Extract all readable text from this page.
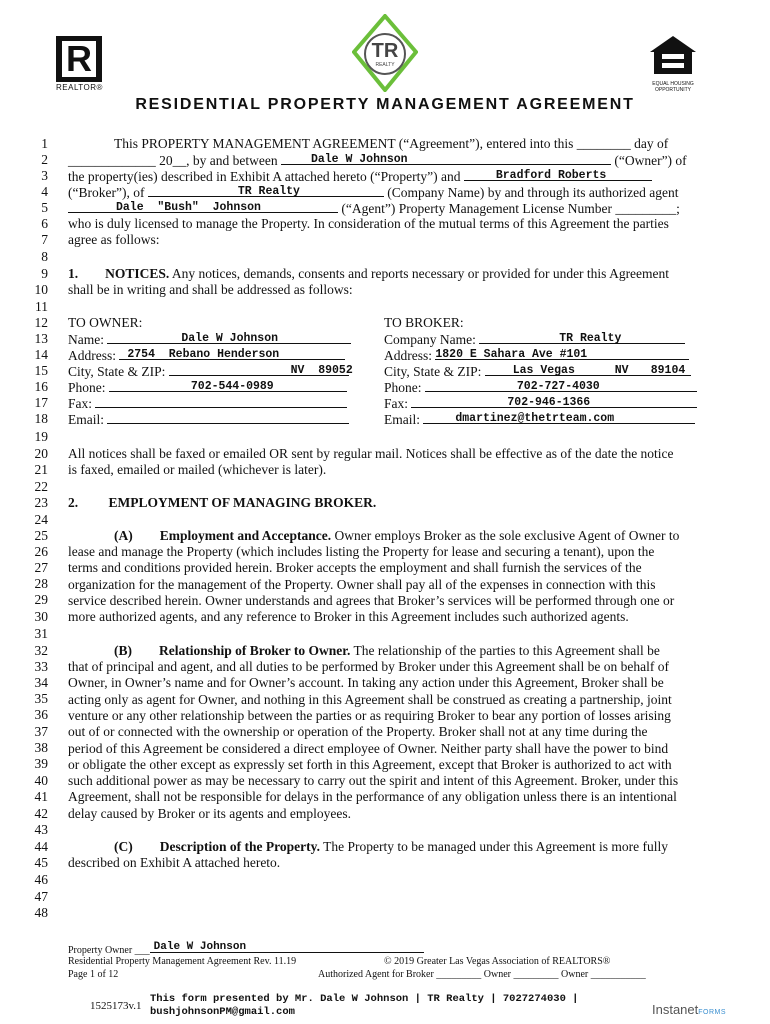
R
REALTOR®
TR
REALTY
EQUAL HOUSING OPPORTUNITY
RESIDENTIAL PROPERTY MANAGEMENT AGREEMENT
1
2
3
4
5
6
7
8
9
10
11
12
13
14
15
16
17
18
19
20
21
22
23
24
25
26
27
28
29
30
31
32
33
34
35
36
37
38
39
40
41
42
43
44
45
46
47
48
This PROPERTY MANAGEMENT AGREEMENT (“Agreement”), entered into this ________ day of
_____________ 20__, by and between	Dale W Johnson	(“Owner”) of
the property(ies) described in Exhibit A attached hereto (“Property”) and	Bradford Roberts
(“Broker”), of	TR Realty	(Company Name) by and through its authorized agent
Dale  "Bush"  Johnson	(“Agent”) Property Management License Number _________;
who is duly licensed to manage the Property. In consideration of the mutual terms of this Agreement the parties
agree as follows:
1.        NOTICES. Any notices, demands, consents and reports necessary or provided for under this Agreement
shall be in writing and shall be addressed as follows:
TO OWNER:
Name:	Dale W Johnson
Address: 2754  Rebano Henderson
City, State & ZIP:	NV  89052
Phone:	702-544-0989
Fax:
Email:
TO BROKER:
Company Name:	TR Realty
Address: 1820 E Sahara Ave #101
City, State & ZIP:	Las Vegas	NV 89104
Phone:	702-727-4030
Fax:	702-946-1366
Email:	dmartinez@thetrteam.com
All notices shall be faxed or emailed OR sent by regular mail. Notices shall be effective as of the date the notice
is faxed, emailed or mailed (whichever is later).
2.         EMPLOYMENT OF MANAGING BROKER.
(A)        Employment and Acceptance. Owner employs Broker as the sole exclusive Agent of Owner to
lease and manage the Property (which includes listing the Property for lease and securing a tenant), upon the
terms and conditions provided herein. Broker accepts the employment and shall furnish the services of the
organization for the management of the Property. Owner shall pay all of the expenses in connection with this
service described herein. Owner understands and agrees that Broker’s services will be performed through one or
more authorized agents, and any reference to Broker in this Agreement includes such authorized agents.
(B)        Relationship of Broker to Owner. The relationship of the parties to this Agreement shall be
that of principal and agent, and all duties to be performed by Broker under this Agreement shall be on behalf of
Owner, in Owner’s name and for Owner’s account. In taking any action under this Agreement, Broker shall be
acting only as agent for Owner, and nothing in this Agreement shall be construed as creating a partnership, joint
venture or any other relationship between the parties or as requiring Broker to bear any portion of losses arising
out of or connected with the ownership or operation of the Property. Broker shall not at any time during the
period of this Agreement be considered a direct employee of Owner. Neither party shall have the power to bind
or obligate the other except as expressly set forth in this Agreement, except that Broker is authorized to act with
such additional power as may be necessary to carry out the spirit and intent of this Agreement. Broker, under this
Agreement, shall not be responsible for delays in the performance of any obligation unless there is an intentional
delay caused by Broker or its agents and employees.
(C)        Description of the Property. The Property to be managed under this Agreement is more fully
described on Exhibit A attached hereto.
Property Owner ___ Dale W Johnson
Residential Property Management Agreement Rev. 11.19	© 2019 Greater Las Vegas Association of REALTORS®
Page 1 of 12	Authorized Agent for Broker _________ Owner _________ Owner ___________
1525173v.1
This form presented by Mr. Dale W Johnson | TR Realty | 7027274030 |
bushjohnsonPM@gmail.com	InstanetFORMS
